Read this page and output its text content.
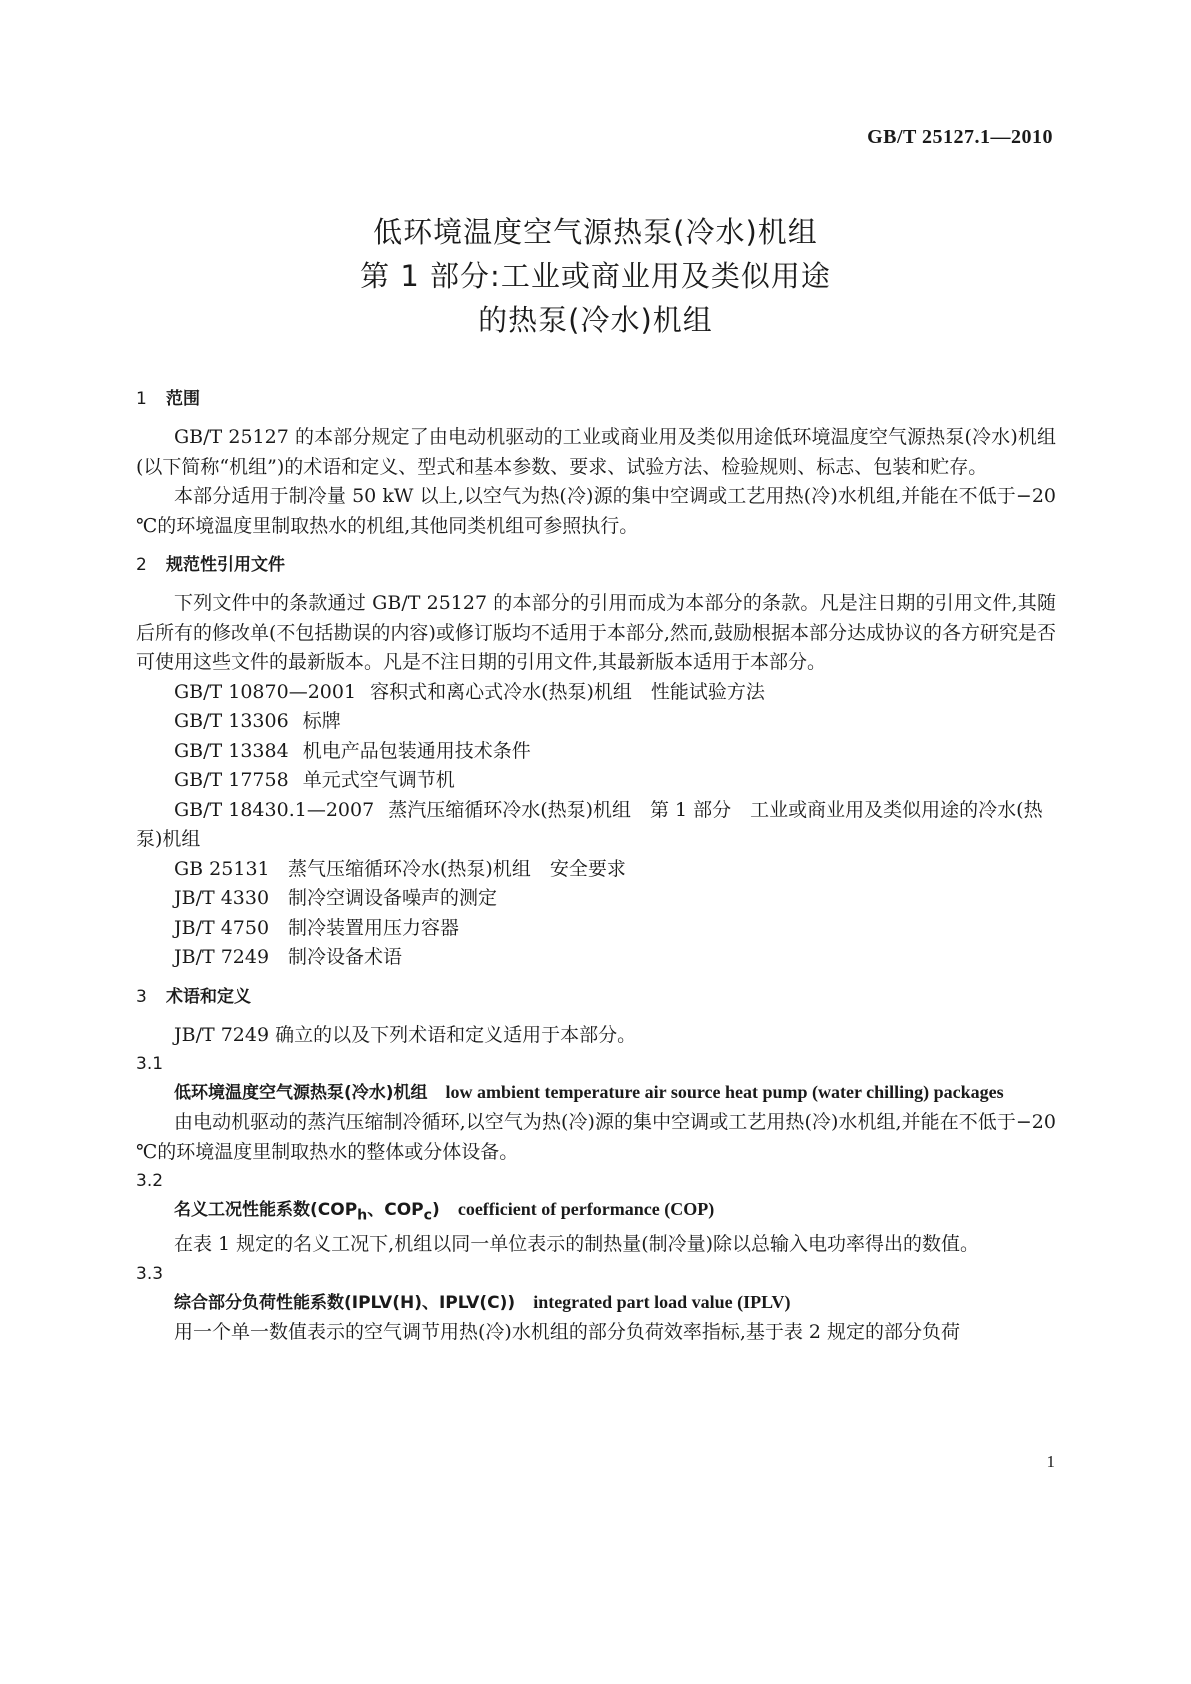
GB/T 25127.1—2010
低环境温度空气源热泵(冷水)机组
第 1 部分:工业或商业用及类似用途
的热泵(冷水)机组
1 范围

GB/T 25127 的本部分规定了由电动机驱动的工业或商业用及类似用途低环境温度空气源热泵(冷水)机组(以下简称“机组”)的术语和定义、型式和基本参数、要求、试验方法、检验规则、标志、包装和贮存。

本部分适用于制冷量 50 kW 以上,以空气为热(冷)源的集中空调或工艺用热(冷)水机组,并能在不低于−20 ℃的环境温度里制取热水的机组,其他同类机组可参照执行。

2 规范性引用文件

下列文件中的条款通过 GB/T 25127 的本部分的引用而成为本部分的条款。凡是注日期的引用文件,其随后所有的修改单(不包括勘误的内容)或修订版均不适用于本部分,然而,鼓励根据本部分达成协议的各方研究是否可使用这些文件的最新版本。凡是不注日期的引用文件,其最新版本适用于本部分。

GB/T 10870—2001 容积式和离心式冷水(热泵)机组　性能试验方法

GB/T 13306 标牌

GB/T 13384 机电产品包装通用技术条件

GB/T 17758 单元式空气调节机

GB/T 18430.1—2007 蒸汽压缩循环冷水(热泵)机组　第 1 部分　工业或商业用及类似用途的冷水(热泵)机组

GB 25131 蒸气压缩循环冷水(热泵)机组　安全要求

JB/T 4330 制冷空调设备噪声的测定

JB/T 4750 制冷装置用压力容器

JB/T 7249 制冷设备术语

3 术语和定义

JB/T 7249 确立的以及下列术语和定义适用于本部分。

3.1

低环境温度空气源热泵(冷水)机组 low ambient temperature air source heat pump (water chilling) packages

由电动机驱动的蒸汽压缩制冷循环,以空气为热(冷)源的集中空调或工艺用热(冷)水机组,并能在不低于−20 ℃的环境温度里制取热水的整体或分体设备。

3.2

名义工况性能系数($COP_h$、$COP_c$) coefficient of performance (COP)

在表 1 规定的名义工况下,机组以同一单位表示的制热量(制冷量)除以总输入电功率得出的数值。

3.3

综合部分负荷性能系数(IPLV(H)、IPLV(C)) integrated part load value (IPLV)

用一个单一数值表示的空气调节用热(冷)水机组的部分负荷效率指标,基于表 2 规定的部分负荷

1
